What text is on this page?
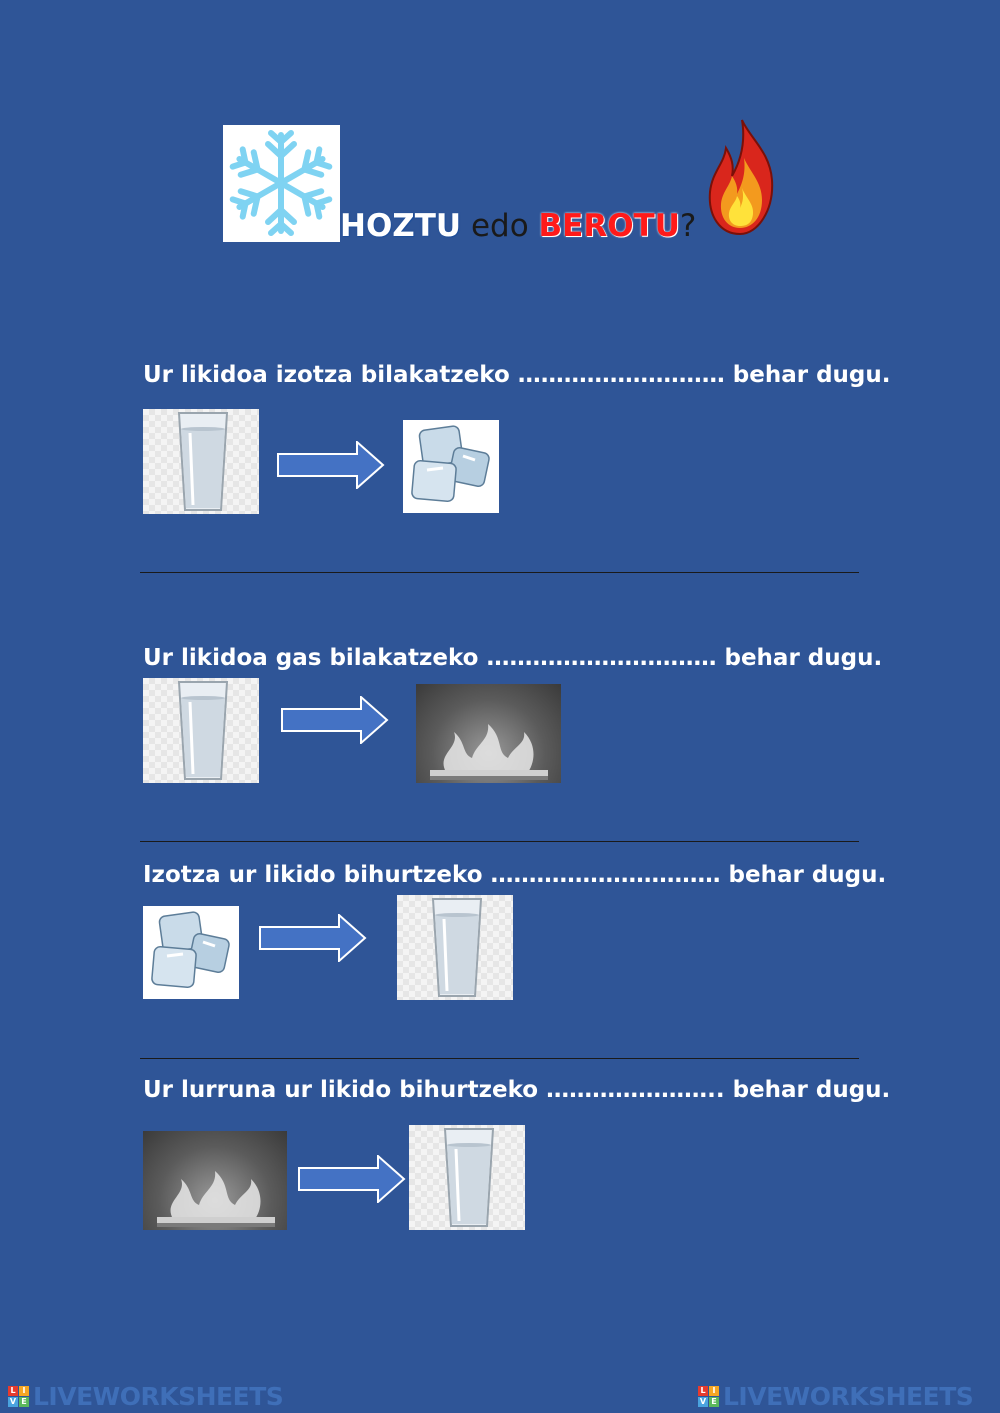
HOZTU edo BEROTU?
Ur likidoa izotza bilakatzeko ……………………… behar dugu.
Ur likidoa gas bilakatzeko ………………………… behar dugu.
Izotza ur likido bihurtzeko ………………………… behar dugu.
Ur lurruna ur likido bihurtzeko ………………….. behar dugu.
L I
V E LIVEWORKSHEETS	L I
V E LIVEWORKSHEETS
